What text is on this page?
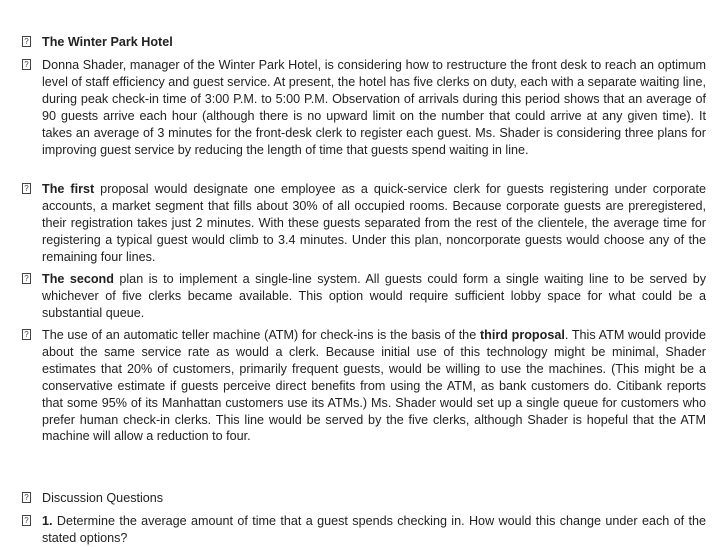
? The Winter Park Hotel
? Donna Shader, manager of the Winter Park Hotel, is considering how to restructure the front desk to reach an optimum level of staff efficiency and guest service. At present, the hotel has five clerks on duty, each with a separate waiting line, during peak check-in time of 3:00 P.M. to 5:00 P.M. Observation of arrivals during this period shows that an average of 90 guests arrive each hour (although there is no upward limit on the number that could arrive at any given time). It takes an average of 3 minutes for the front-desk clerk to register each guest. Ms. Shader is considering three plans for improving guest service by reducing the length of time that guests spend waiting in line.
? The first proposal would designate one employee as a quick-service clerk for guests registering under corporate accounts, a market segment that fills about 30% of all occupied rooms. Because corporate guests are preregistered, their registration takes just 2 minutes. With these guests separated from the rest of the clientele, the average time for registering a typical guest would climb to 3.4 minutes. Under this plan, noncorporate guests would choose any of the remaining four lines.
? The second plan is to implement a single-line system. All guests could form a single waiting line to be served by whichever of five clerks became available. This option would require sufficient lobby space for what could be a substantial queue.
? The use of an automatic teller machine (ATM) for check-ins is the basis of the third proposal. This ATM would provide about the same service rate as would a clerk. Because initial use of this technology might be minimal, Shader estimates that 20% of customers, primarily frequent guests, would be willing to use the machines. (This might be a conservative estimate if guests perceive direct benefits from using the ATM, as bank customers do. Citibank reports that some 95% of its Manhattan customers use its ATMs.) Ms. Shader would set up a single queue for customers who prefer human check-in clerks. This line would be served by the five clerks, although Shader is hopeful that the ATM machine will allow a reduction to four.
? Discussion Questions
? 1. Determine the average amount of time that a guest spends checking in. How would this change under each of the stated options?
